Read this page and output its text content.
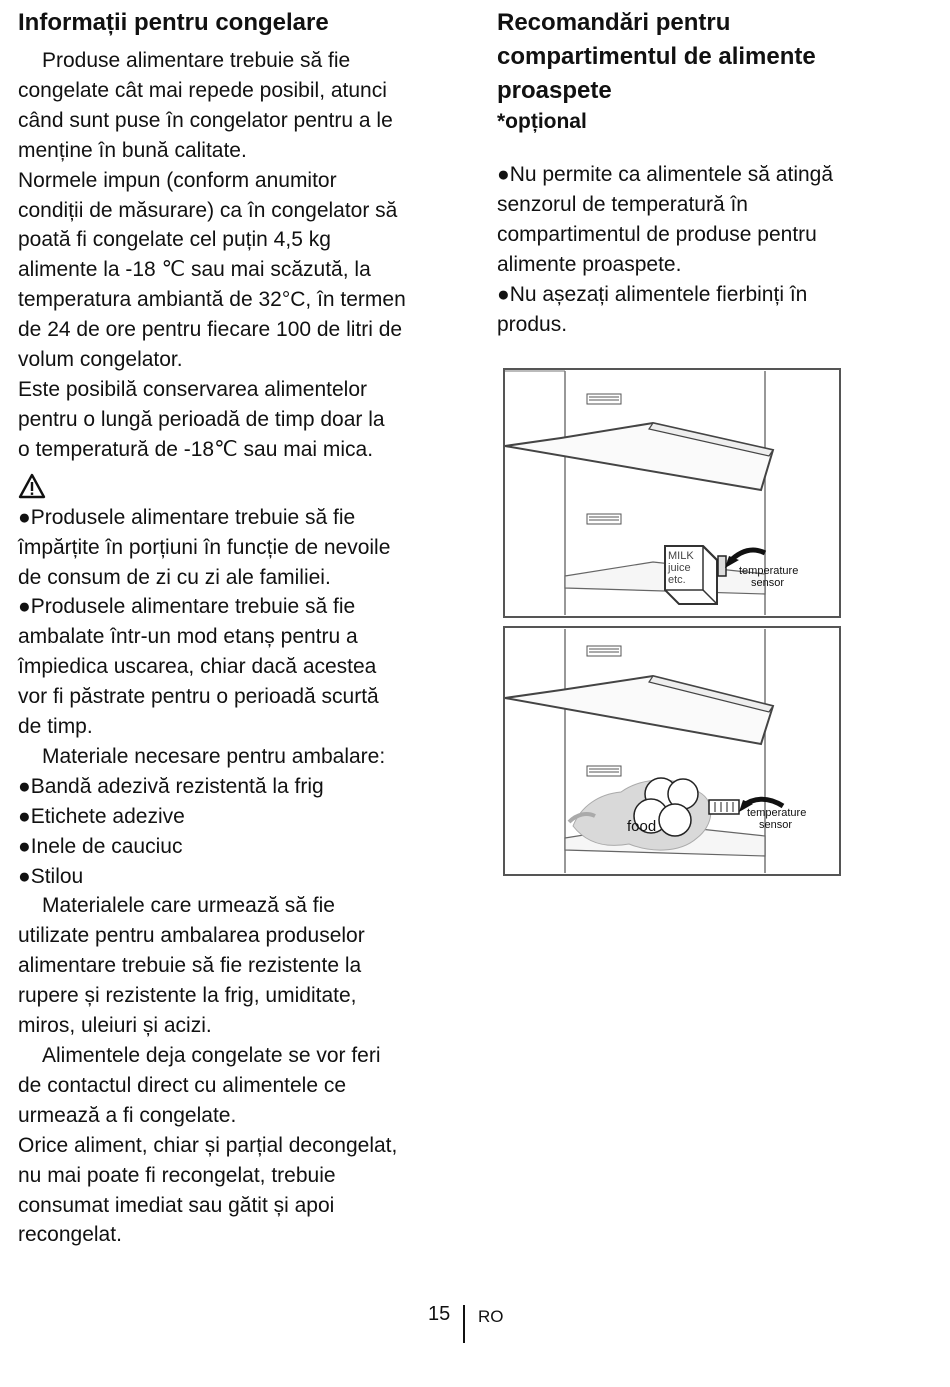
Informații pentru congelare

Produse alimentare trebuie să fie

congelate cât mai repede posibil, atunci

când sunt puse în congelator pentru a le

menține în bună calitate.

Normele impun (conform anumitor

condiții de măsurare) ca în congelator să

poată fi congelate cel puțin 4,5 kg

alimente la -18 ℃ sau mai scăzută, la

temperatura ambiantă de 32°C, în termen

de 24 de ore pentru fiecare 100 de litri de

volum congelator.

Este posibilă conservarea alimentelor

pentru o lungă perioadă de timp doar la

o temperatură de -18℃ sau mai mica.

● Produsele alimentare trebuie să fie

împărțite în porțiuni în funcție de nevoile

de consum de zi cu zi ale familiei.

● Produsele alimentare trebuie să fie

ambalate într-un mod etanș pentru a

împiedica uscarea, chiar dacă acestea

vor fi păstrate pentru o perioadă scurtă

de timp.

Materiale necesare pentru ambalare:

● Bandă adezivă rezistentă la frig

● Etichete adezive

● Inele de cauciuc

● Stilou

Materialele care urmează să fie

utilizate pentru ambalarea produselor

alimentare trebuie să fie rezistente la

rupere și rezistente la frig, umiditate,

miros, uleiuri și acizi.

Alimentele deja congelate se vor feri

de contactul direct cu alimentele ce

urmează a fi congelate.

Orice aliment, chiar și parțial decongelat,

nu mai poate fi recongelat, trebuie

consumat imediat sau gătit și apoi

recongelat.

Recomandări pentru
compartimentul de alimente
proaspete
*opțional

● Nu permite ca alimentele să atingă

senzorul de temperatură în

compartimentul de produse pentru

alimente proaspete.

● Nu așezați alimentele fierbinți în

produs.

MILK
juice
etc.
temperature
sensor
food
temperature
sensor
15 RO
